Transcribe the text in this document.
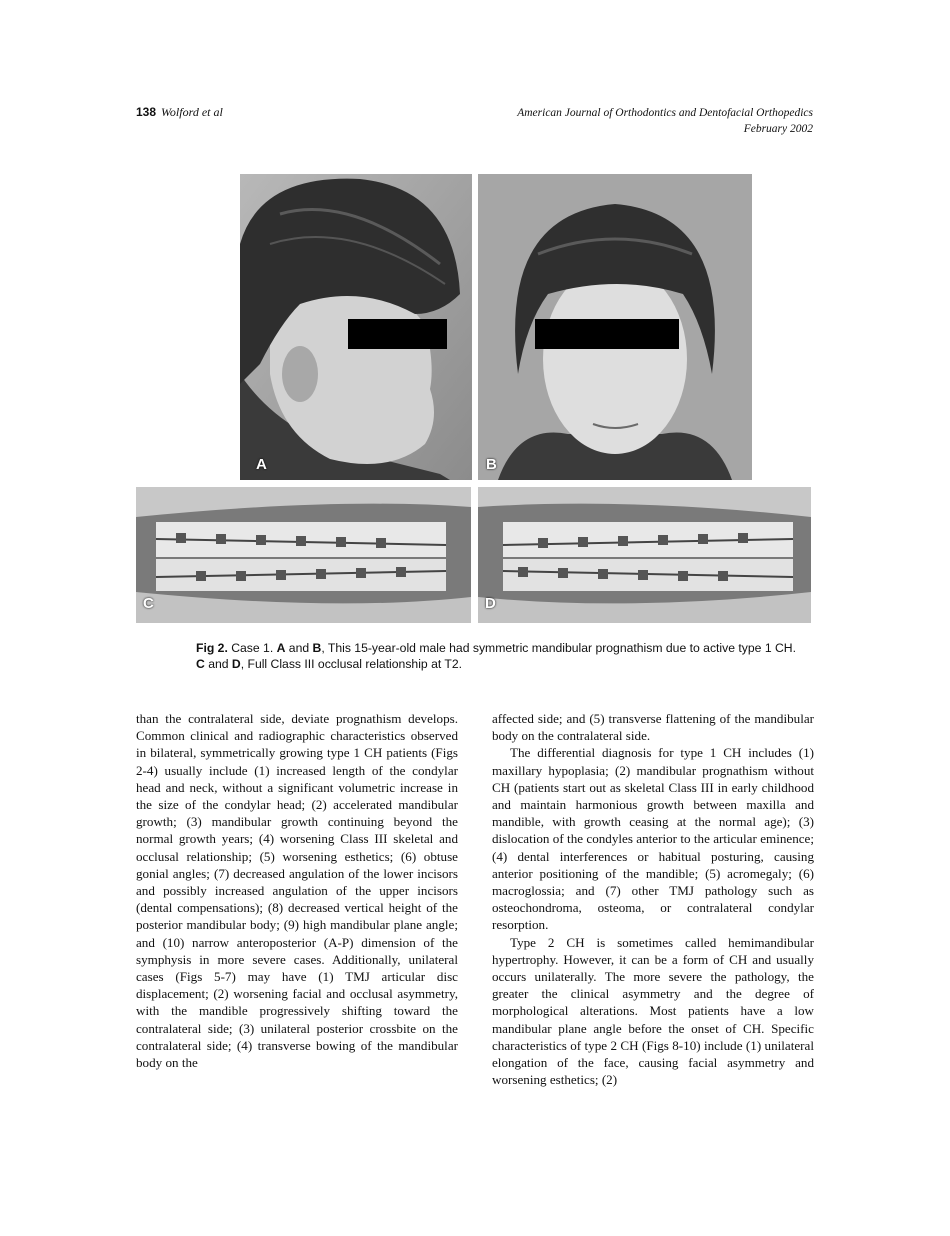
138 Wolford et al	American Journal of Orthodontics and Dentofacial Orthopedics
February 2002
A	B
C	D
Fig 2. Case 1. A and B, This 15-year-old male had symmetric mandibular prognathism due to active type 1 CH. C and D, Full Class III occlusal relationship at T2.

than the contralateral side, deviate prognathism develops. Common clinical and radiographic characteristics observed in bilateral, symmetrically growing type 1 CH patients (Figs 2-4) usually include (1) increased length of the condylar head and neck, without a significant volumetric increase in the size of the condylar head; (2) accelerated mandibular growth; (3) mandibular growth continuing beyond the normal growth years; (4) worsening Class III skeletal and occlusal relationship; (5) worsening esthetics; (6) obtuse gonial angles; (7) decreased angulation of the lower incisors and possibly increased angulation of the upper incisors (dental compensations); (8) decreased vertical height of the posterior mandibular body; (9) high mandibular plane angle; and (10) narrow anteroposterior (A-P) dimension of the symphysis in more severe cases. Additionally, unilateral cases (Figs 5-7) may have (1) TMJ articular disc displacement; (2) worsening facial and occlusal asymmetry, with the mandible progressively shifting toward the contralateral side; (3) unilateral posterior crossbite on the contralateral side; (4) transverse bowing of the mandibular body on the

affected side; and (5) transverse flattening of the mandibular body on the contralateral side.

The differential diagnosis for type 1 CH includes (1) maxillary hypoplasia; (2) mandibular prognathism without CH (patients start out as skeletal Class III in early childhood and maintain harmonious growth between maxilla and mandible, with growth ceasing at the normal age); (3) dislocation of the condyles anterior to the articular eminence; (4) dental interferences or habitual posturing, causing anterior positioning of the mandible; (5) acromegaly; (6) macroglossia; and (7) other TMJ pathology such as osteochondroma, osteoma, or contralateral condylar resorption.

Type 2 CH is sometimes called hemimandibular hypertrophy. However, it can be a form of CH and usually occurs unilaterally. The more severe the pathology, the greater the clinical asymmetry and the degree of morphological alterations. Most patients have a low mandibular plane angle before the onset of CH. Specific characteristics of type 2 CH (Figs 8-10) include (1) unilateral elongation of the face, causing facial asymmetry and worsening esthetics; (2)
